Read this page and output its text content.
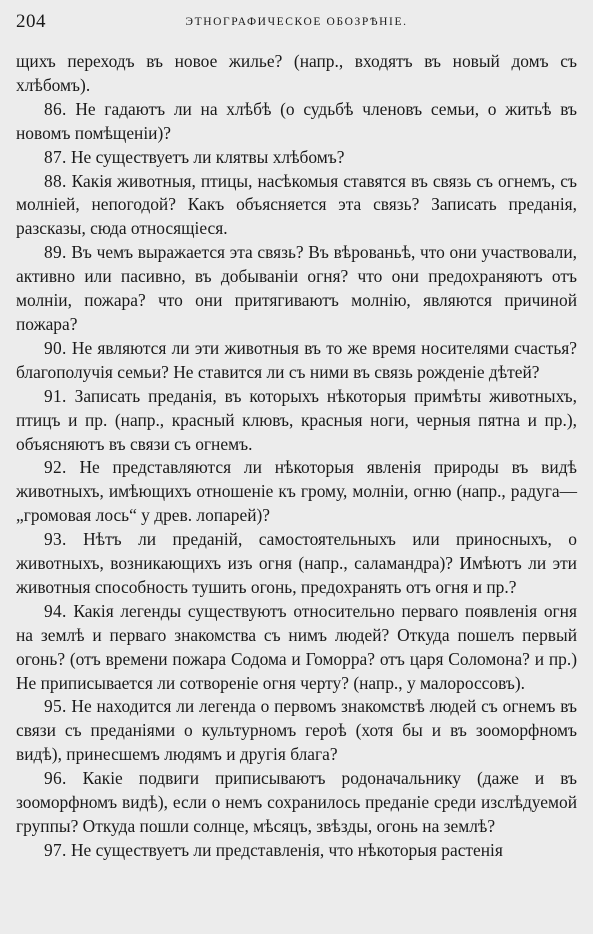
204	ЭТНОГРАФИЧЕСКОЕ ОБОЗРѢНІЕ.

щихъ переходъ въ новое жилье? (напр., входятъ въ новый домъ съ хлѣбомъ).

86. Не гадаютъ ли на хлѣбѣ (о судьбѣ членовъ семьи, о житьѣ въ новомъ помѣщеніи)?

87. Не существуетъ ли клятвы хлѣбомъ?

88. Какія животныя, птицы, насѣкомыя ставятся въ связь съ огнемъ, съ молніей, непогодой? Какъ объясняется эта связь? Записать преданія, разсказы, сюда относящіеся.

89. Въ чемъ выражается эта связь? Въ вѣрованьѣ, что они участвовали, активно или пасивно, въ добываніи огня? что они предохраняютъ отъ молніи, пожара? что они притягиваютъ молнію, являются причиной пожара?

90. Не являются ли эти животныя въ то же время носителями счастья? благополучія семьи? Не ставится ли съ ними въ связь рожденіе дѣтей?

91. Записать преданія, въ которыхъ нѣкоторыя примѣты животныхъ, птицъ и пр. (напр., красный клювъ, красныя ноги, черныя пятна и пр.), объясняютъ въ связи съ огнемъ.

92. Не представляются ли нѣкоторыя явленія природы въ видѣ животныхъ, имѣющихъ отношеніе къ грому, молніи, огню (напр., радуга—„громовая лось“ у древ. лопарей)?

93. Нѣтъ ли преданій, самостоятельныхъ или приносныхъ, о животныхъ, возникающихъ изъ огня (напр., саламандра)? Имѣютъ ли эти животныя способность тушить огонь, предохранять отъ огня и пр.?

94. Какія легенды существуютъ относительно перваго появленія огня на землѣ и перваго знакомства съ нимъ людей? Откуда пошелъ первый огонь? (отъ времени пожара Содома и Гоморра? отъ царя Соломона? и пр.) Не приписывается ли сотвореніе огня черту? (напр., у малороссовъ).

95. Не находится ли легенда о первомъ знакомствѣ людей съ огнемъ въ связи съ преданіями о культурномъ героѣ (хотя бы и въ зооморфномъ видѣ), принесшемъ людямъ и другія блага?

96. Какіе подвиги приписываютъ родоначальнику (даже и въ зооморфномъ видѣ), если о немъ сохранилось преданіе среди изслѣдуемой группы? Откуда пошли солнце, мѣсяцъ, звѣзды, огонь на землѣ?

97. Не существуетъ ли представленія, что нѣкоторыя растенія
